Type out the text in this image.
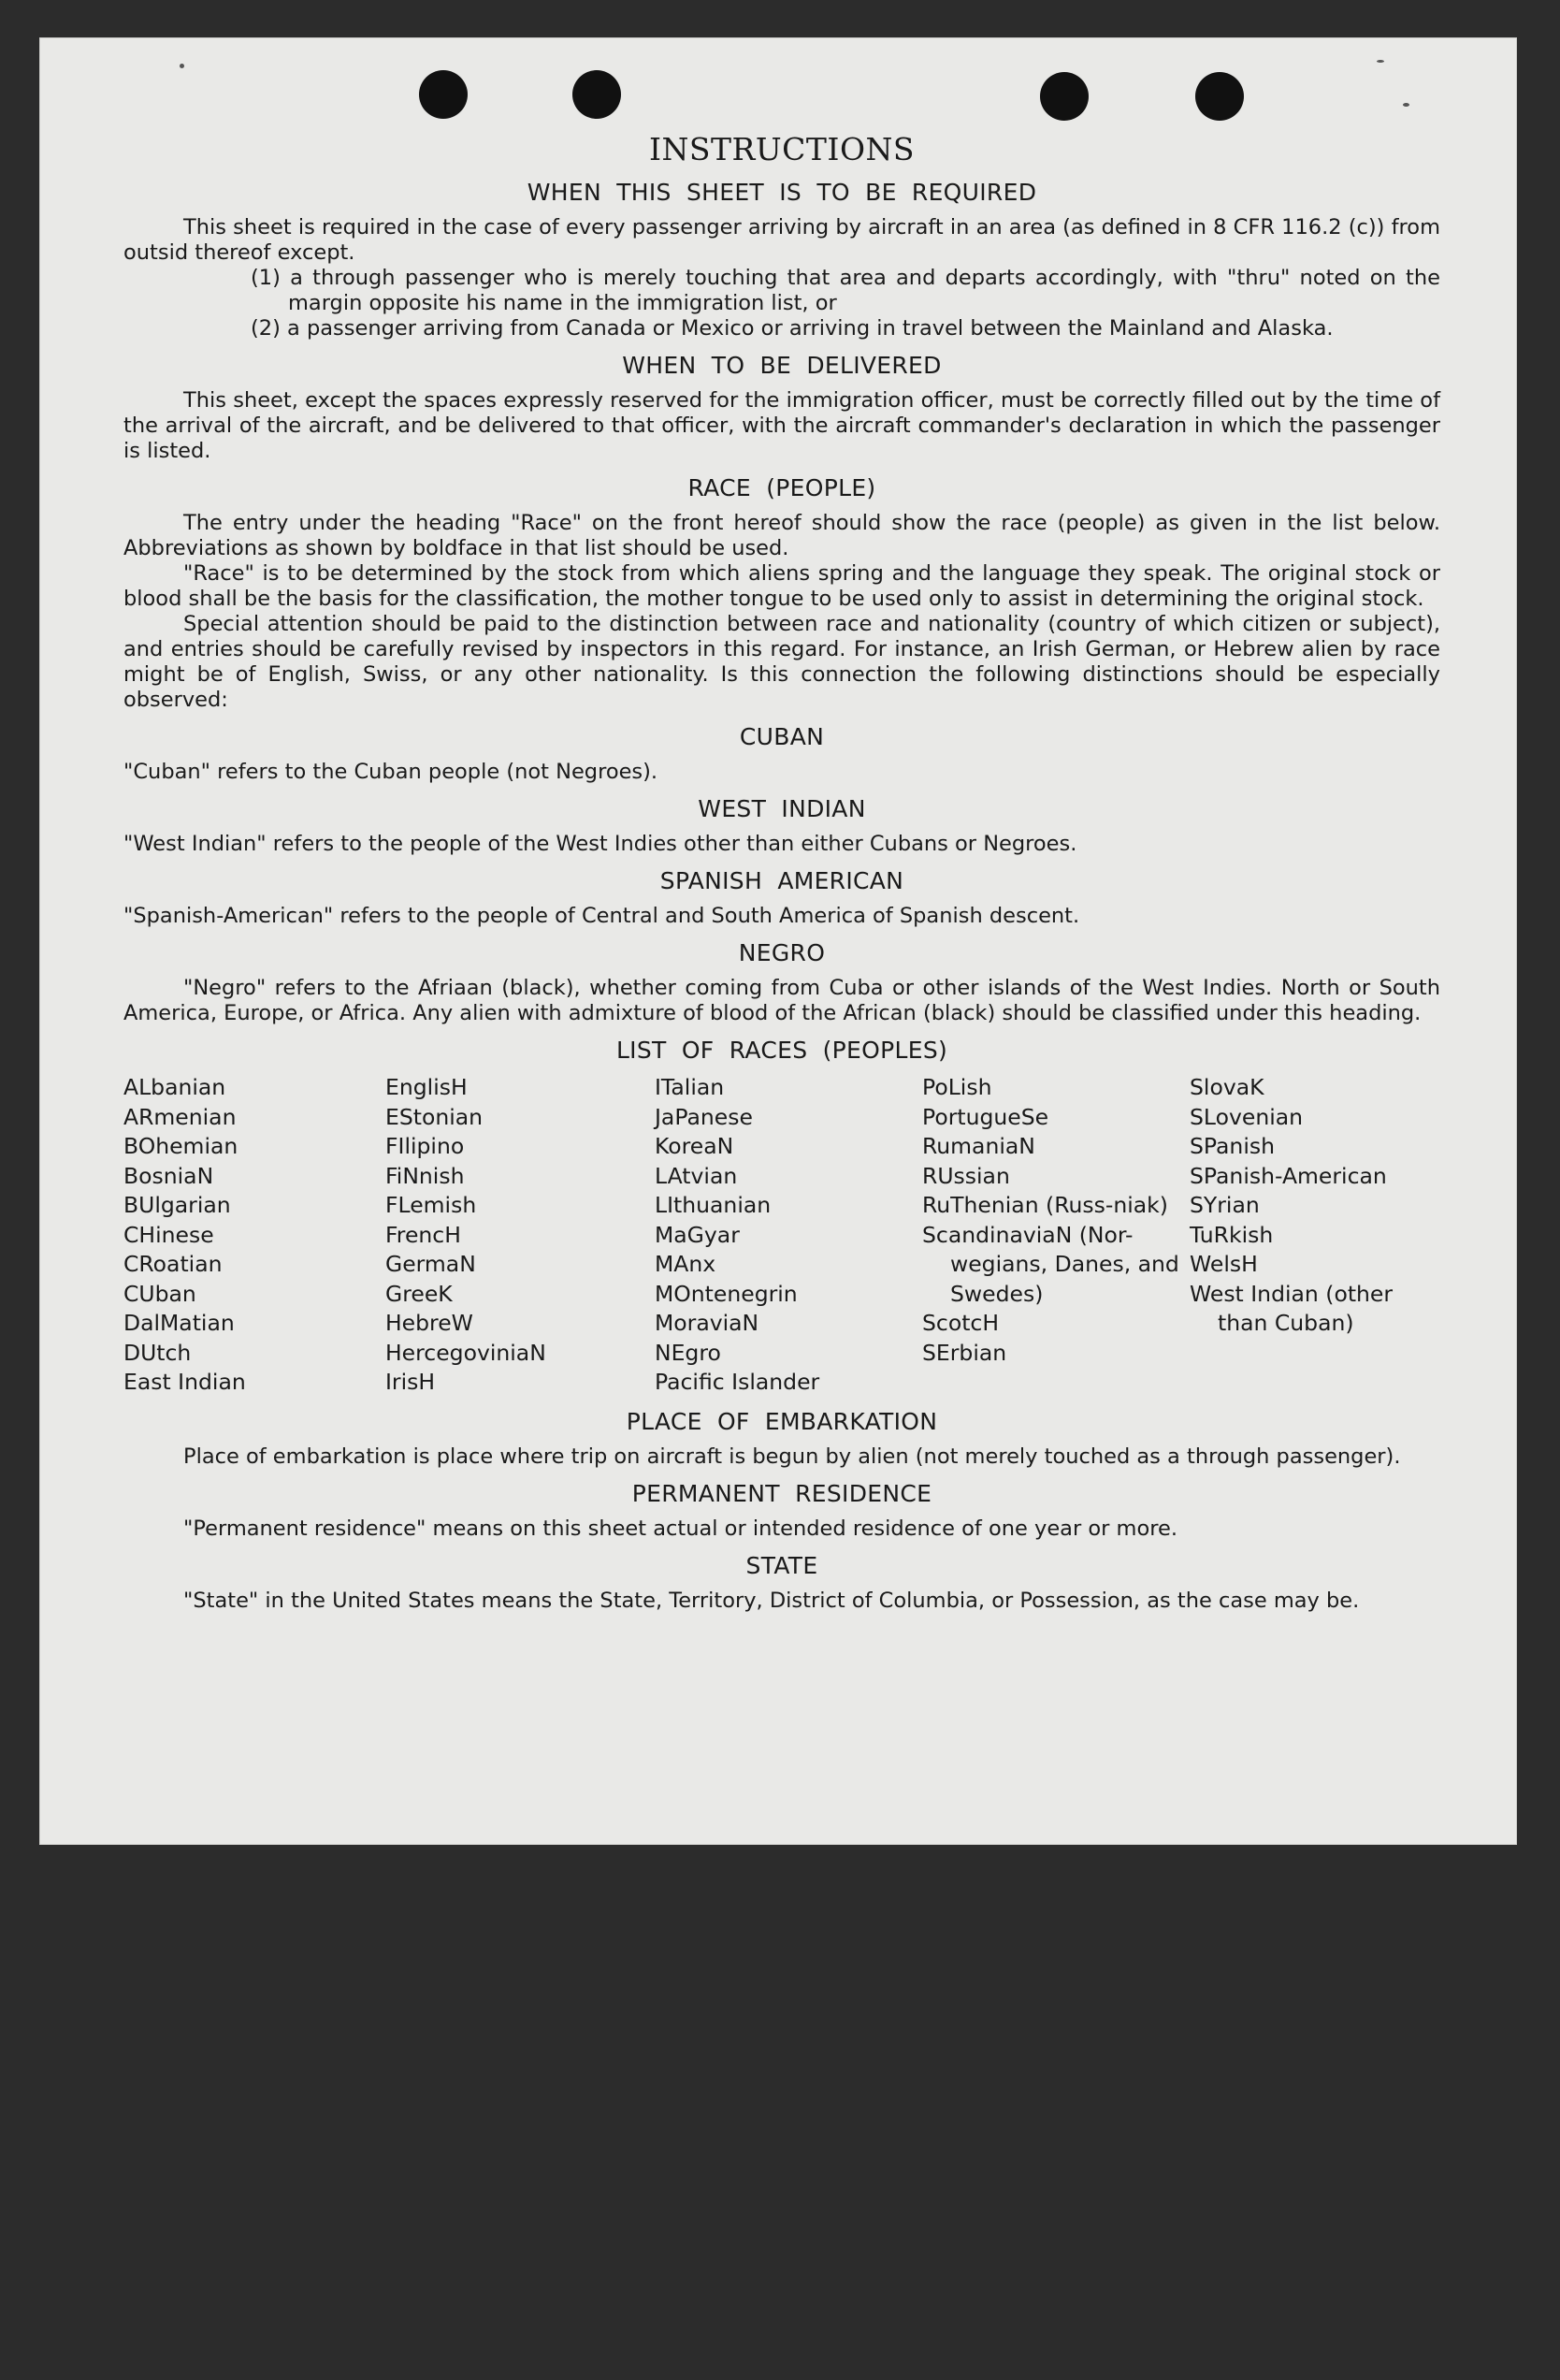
INSTRUCTIONS
WHEN THIS SHEET IS TO BE REQUIRED

This sheet is required in the case of every passenger arriving by aircraft in an area (as defined in 8 CFR 116.2 (c)) from outsid thereof except.

(1) a through passenger who is merely touching that area and departs accordingly, with "thru" noted on the margin opposite his name in the immigration list, or

(2) a passenger arriving from Canada or Mexico or arriving in travel between the Mainland and Alaska.

WHEN TO BE DELIVERED

This sheet, except the spaces expressly reserved for the immigration officer, must be correctly filled out by the time of the arrival of the aircraft, and be delivered to that officer, with the aircraft commander's declaration in which the passenger is listed.

RACE (PEOPLE)

The entry under the heading "Race" on the front hereof should show the race (people) as given in the list below. Abbreviations as shown by boldface in that list should be used.

"Race" is to be determined by the stock from which aliens spring and the language they speak. The original stock or blood shall be the basis for the classification, the mother tongue to be used only to assist in determining the original stock.

Special attention should be paid to the distinction between race and nationality (country of which citizen or subject), and entries should be carefully revised by inspectors in this regard. For instance, an Irish German, or Hebrew alien by race might be of English, Swiss, or any other nationality. Is this connection the following distinctions should be especially observed:

CUBAN

"Cuban" refers to the Cuban people (not Negroes).

WEST INDIAN

"West Indian" refers to the people of the West Indies other than either Cubans or Negroes.

SPANISH AMERICAN

"Spanish-American" refers to the people of Central and South America of Spanish descent.

NEGRO

"Negro" refers to the Afriaan (black), whether coming from Cuba or other islands of the West Indies. North or South America, Europe, or Africa. Any alien with admixture of blood of the African (black) should be classified under this heading.

LIST OF RACES (PEOPLES)
ALbanian
ARmenian
BOhemian
BosniaN
BUlgarian
CHinese
CRoatian
CUban
DalMatian
DUtch
East Indian
EnglisH
EStonian
FIlipino
FiNnish
FLemish
FrencH
GermaN
GreeK
HebreW
HercegoviniaN
IrisH
ITalian
JaPanese
KoreaN
LAtvian
LIthuanian
MaGyar
MAnx
MOntenegrin
MoraviaN
NEgro
Pacific Islander
PoLish
PortugueSe
RumaniaN
RUssian
RuThenian (Russ-niak)
ScandinaviaN (Nor-wegians, Danes, and Swedes)
ScotcH
SErbian
SlovaK
SLovenian
SPanish
SPanish-American
SYrian
TuRkish
WelsH
West Indian (other than Cuban)
PLACE OF EMBARKATION

Place of embarkation is place where trip on aircraft is begun by alien (not merely touched as a through passenger).

PERMANENT RESIDENCE

"Permanent residence" means on this sheet actual or intended residence of one year or more.

STATE

"State" in the United States means the State, Territory, District of Columbia, or Possession, as the case may be.
